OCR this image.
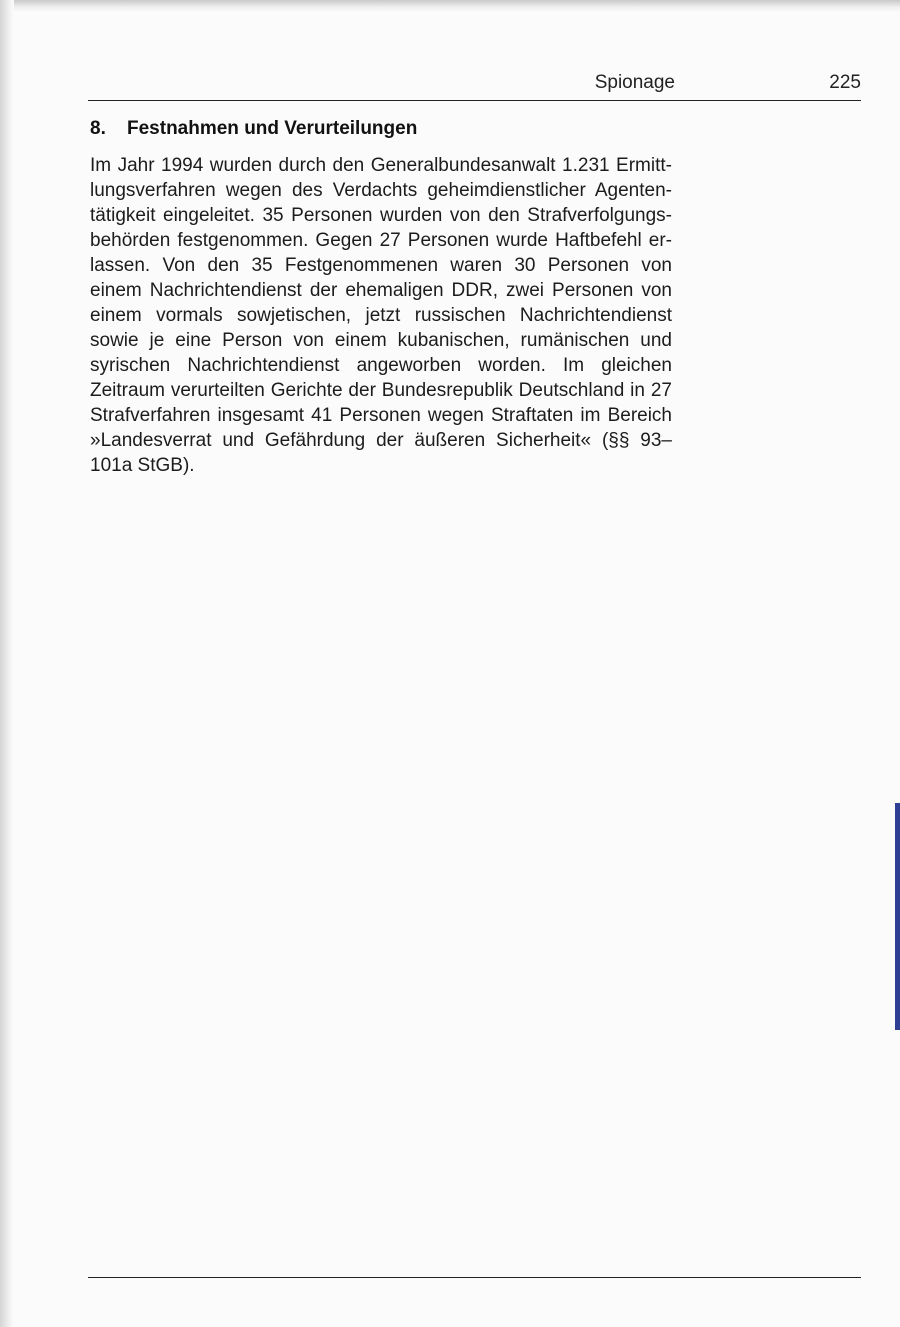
Spionage	225
8. Festnahmen und Verurteilungen

Im Jahr 1994 wurden durch den Generalbundesanwalt 1.231 Ermittlungsverfahren wegen des Verdachts geheimdienstlicher Agententätigkeit eingeleitet. 35 Personen wurden von den Strafverfolgungsbehörden festgenommen. Gegen 27 Personen wurde Haftbefehl erlassen. Von den 35 Festgenommenen waren 30 Personen von einem Nachrichtendienst der ehemaligen DDR, zwei Personen von einem vormals sowjetischen, jetzt russischen Nachrichtendienst sowie je eine Person von einem kubanischen, rumänischen und syrischen Nachrichtendienst angeworben worden. Im gleichen Zeitraum verurteilten Gerichte der Bundesrepublik Deutschland in 27 Strafverfahren insgesamt 41 Personen wegen Straftaten im Bereich »Landesverrat und Gefährdung der äußeren Sicherheit« (§§ 93–101a StGB).
